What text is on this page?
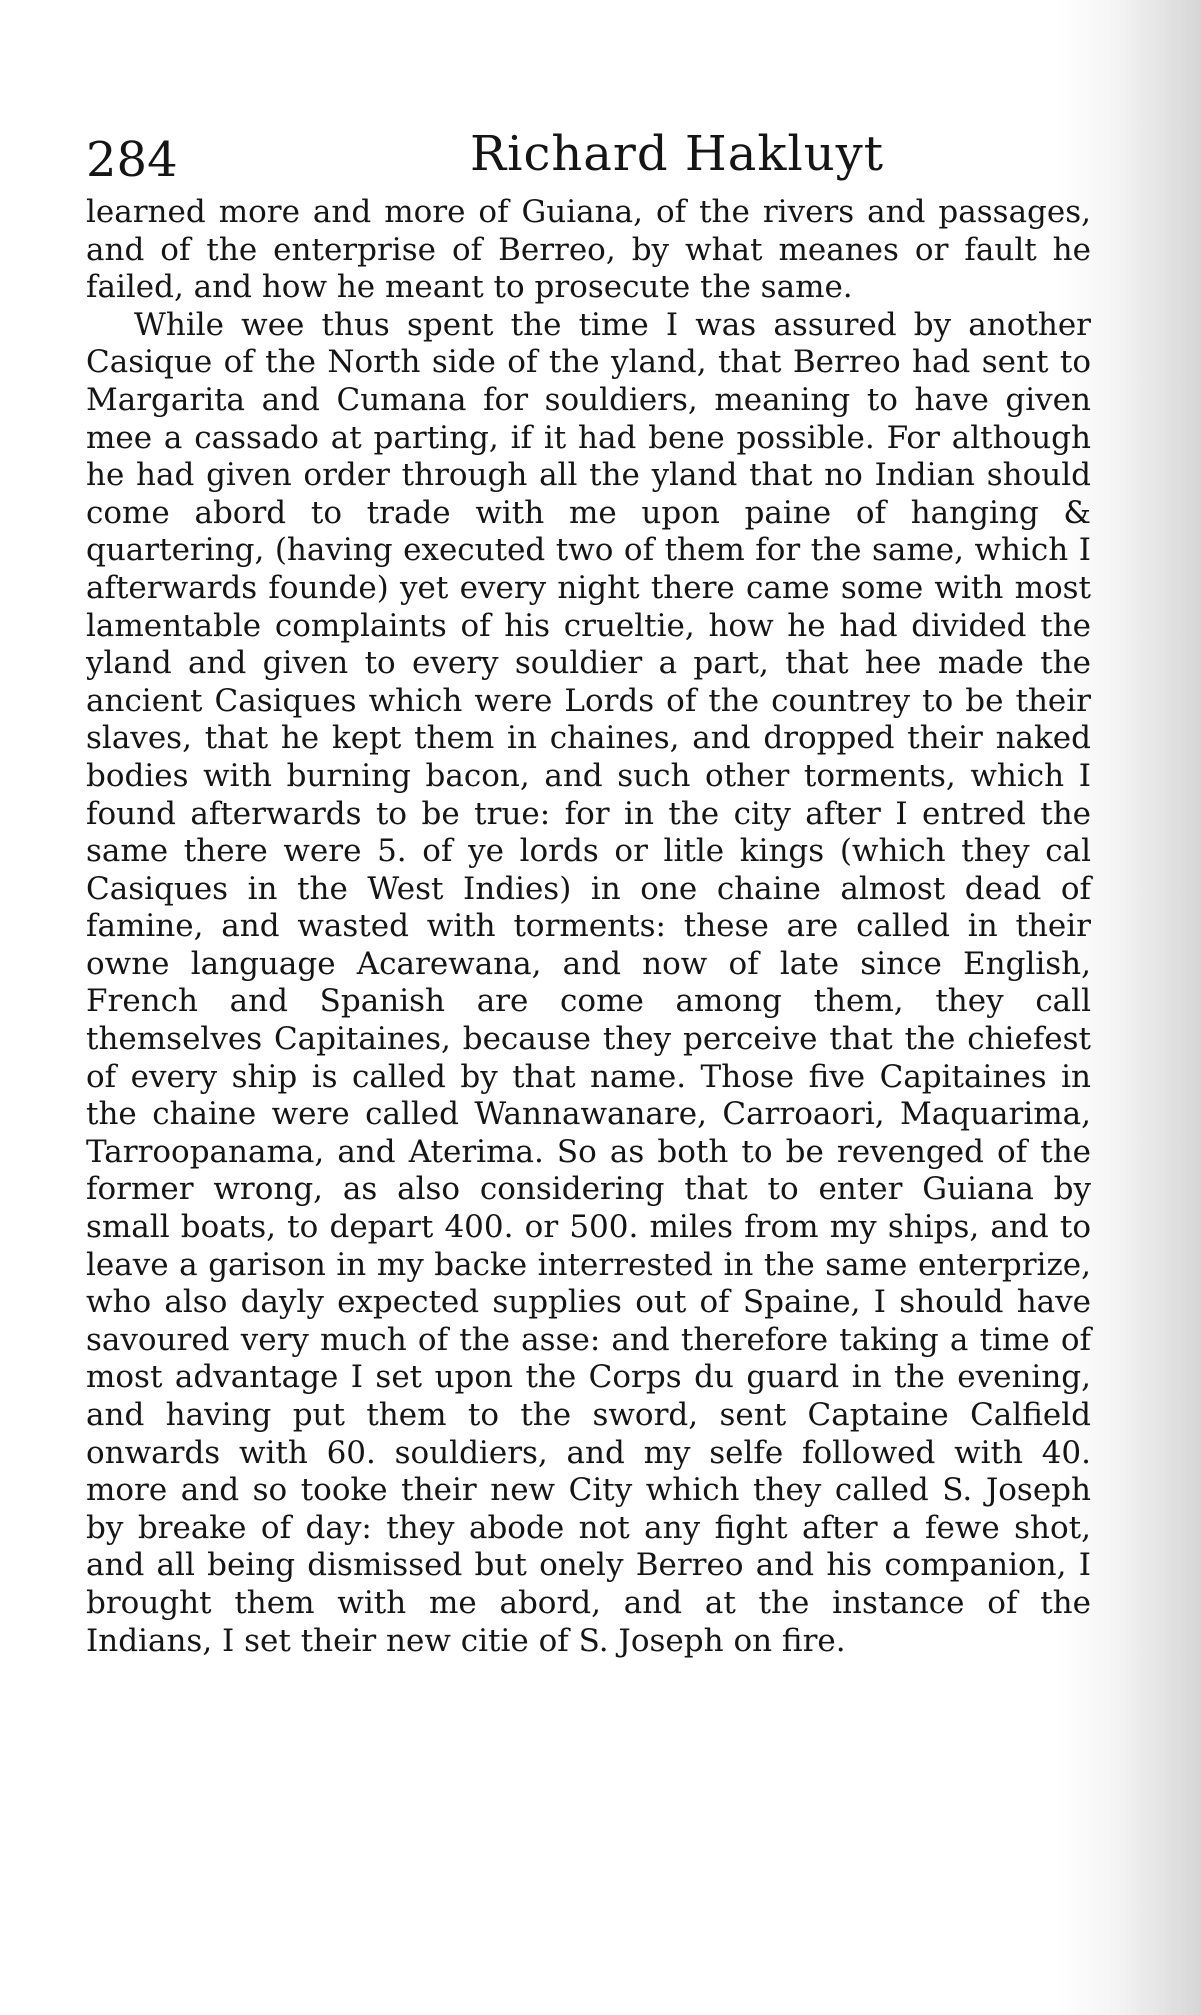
284	Richard Hakluyt

learned more and more of Guiana, of the rivers and passages, and of the enterprise of Berreo, by what meanes or fault he failed, and how he meant to prosecute the same.

While wee thus spent the time I was assured by another Casique of the North side of the yland, that Berreo had sent to Margarita and Cumana for souldiers, meaning to have given mee a cassado at parting, if it had bene possible. For although he had given order through all the yland that no Indian should come abord to trade with me upon paine of hanging & quartering, (having executed two of them for the same, which I afterwards founde) yet every night there came some with most lamentable complaints of his crueltie, how he had divided the yland and given to every souldier a part, that hee made the ancient Casiques which were Lords of the countrey to be their slaves, that he kept them in chaines, and dropped their naked bodies with burning bacon, and such other torments, which I found afterwards to be true: for in the city after I entred the same there were 5. of ye lords or litle kings (which they cal Casiques in the West Indies) in one chaine almost dead of famine, and wasted with torments: these are called in their owne language Acarewana, and now of late since English, French and Spanish are come among them, they call themselves Capitaines, because they perceive that the chiefest of every ship is called by that name. Those five Capitaines in the chaine were called Wannawanare, Carroaori, Maquarima, Tarroopanama, and Aterima. So as both to be revenged of the former wrong, as also considering that to enter Guiana by small boats, to depart 400. or 500. miles from my ships, and to leave a garison in my backe interrested in the same enterprize, who also dayly expected supplies out of Spaine, I should have savoured very much of the asse: and therefore taking a time of most advantage I set upon the Corps du guard in the evening, and having put them to the sword, sent Captaine Calfield onwards with 60. souldiers, and my selfe followed with 40. more and so tooke their new City which they called S. Joseph by breake of day: they abode not any fight after a fewe shot, and all being dismissed but onely Berreo and his companion, I brought them with me abord, and at the instance of the Indians, I set their new citie of S. Joseph on fire.
